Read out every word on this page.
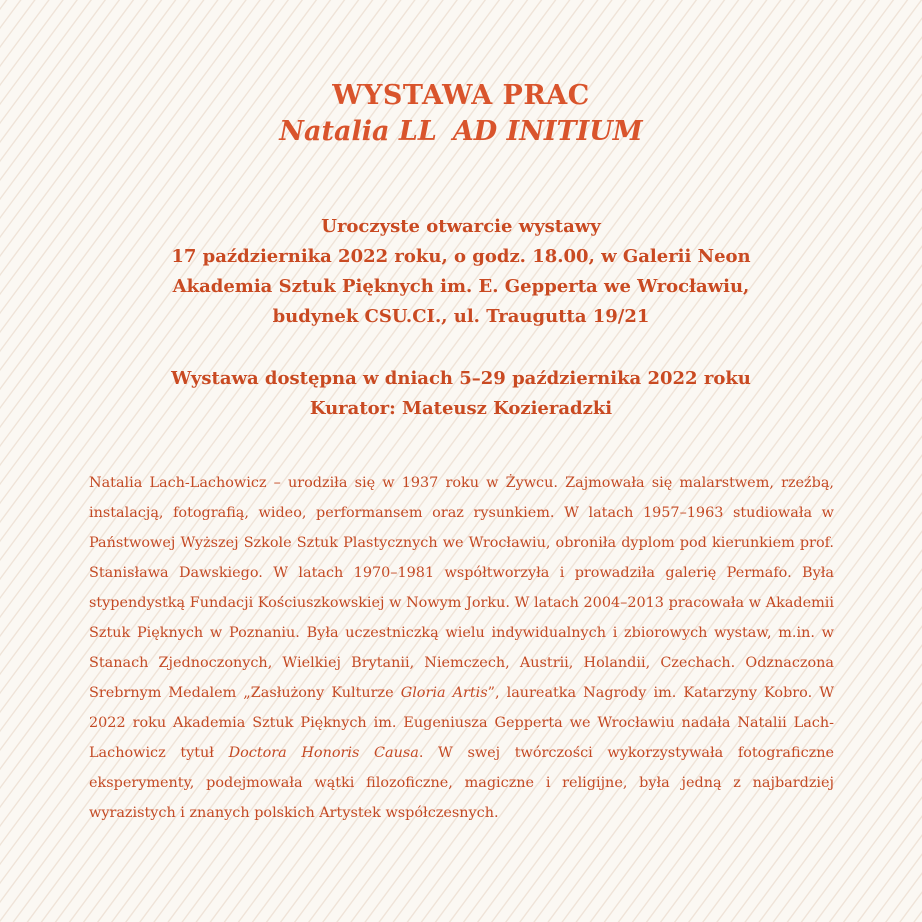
WYSTAWA PRAC
Natalia LL AD INITIUM
Uroczyste otwarcie wystawy
17 października 2022 roku, o godz. 18.00, w Galerii Neon
Akademia Sztuk Pięknych im. E. Gepperta we Wrocławiu,
budynek CSU.CI., ul. Traugutta 19/21
Wystawa dostępna w dniach 5–29 października 2022 roku
Kurator: Mateusz Kozieradzki

Natalia Lach-Lachowicz – urodziła się w 1937 roku w Żywcu. Zajmowała się malarstwem, rzeźbą, instalacją, fotografią, wideo, performansem oraz rysunkiem. W latach 1957–1963 studiowała w Państwowej Wyższej Szkole Sztuk Plastycznych we Wrocławiu, obroniła dyplom pod kierunkiem prof. Stanisława Dawskiego. W latach 1970–1981 współtworzyła i prowadziła galerię Permafo. Była stypendystką Fundacji Kościuszkowskiej w Nowym Jorku. W latach 2004–2013 pracowała w Akademii Sztuk Pięknych w Poznaniu. Była uczestniczką wielu indywidualnych i zbiorowych wystaw, m.in. w Stanach Zjednoczonych, Wielkiej Brytanii, Niemczech, Austrii, Holandii, Czechach. Odznaczona Srebrnym Medalem „Zasłużony Kulturze Gloria Artis”, laureatka Nagrody im. Katarzyny Kobro. W 2022 roku Akademia Sztuk Pięknych im. Eugeniusza Gepperta we Wrocławiu nadała Natalii Lach-Lachowicz tytuł Doctora Honoris Causa. W swej twórczości wykorzystywała fotograficzne eksperymenty, podejmowała wątki filozoficzne, magiczne i religijne, była jedną z najbardziej wyrazistych i znanych polskich Artystek współczesnych.
